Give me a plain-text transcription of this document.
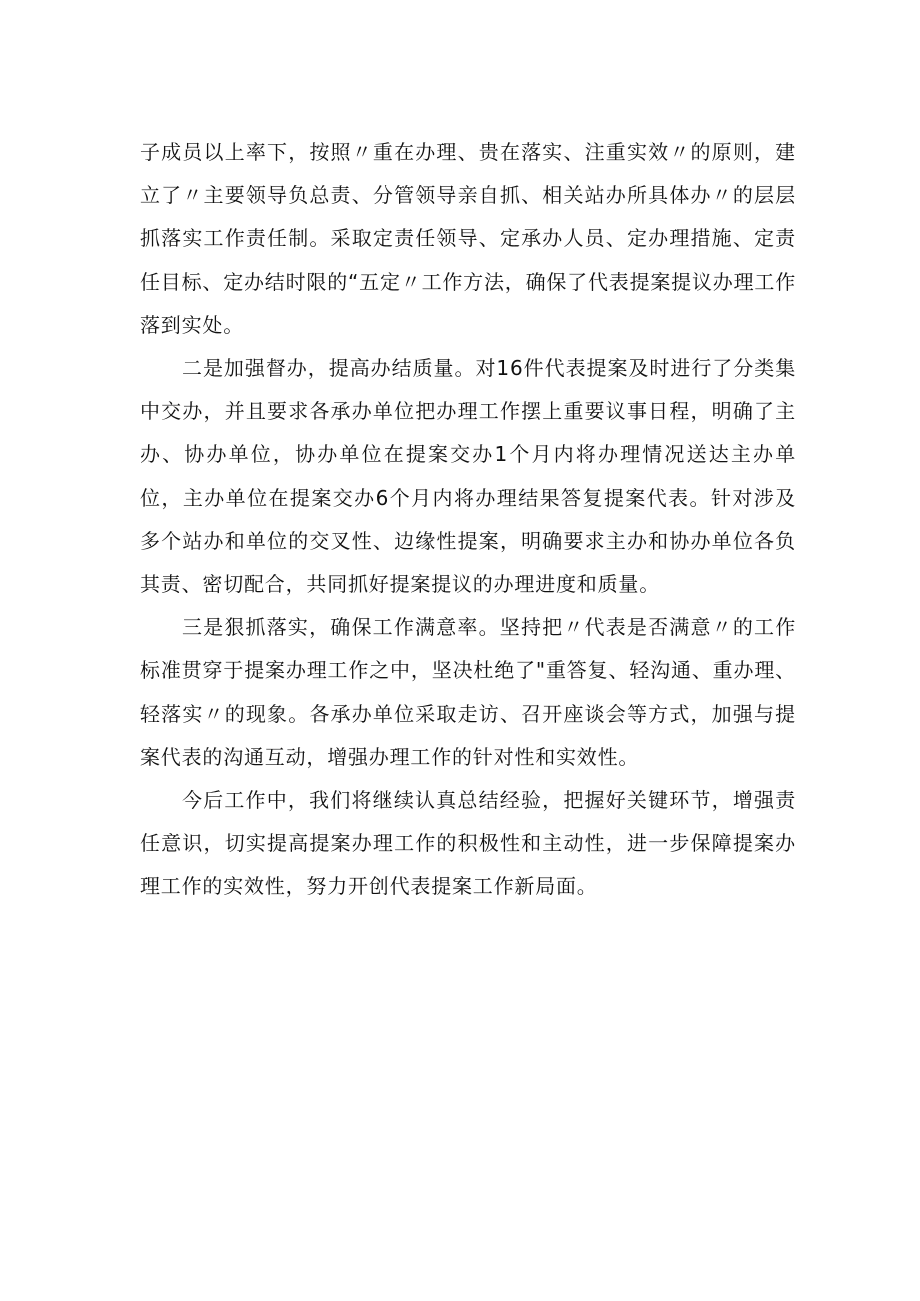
子成员以上率下，按照〃重在办理、贵在落实、注重实效〃的原则，建立了〃主要领导负总责、分管领导亲自抓、相关站办所具体办〃的层层抓落实工作责任制。采取定责任领导、定承办人员、定办理措施、定责任目标、定办结时限的“五定〃工作方法，确保了代表提案提议办理工作落到实处。

二是加强督办，提高办结质量。对16件代表提案及时进行了分类集中交办，并且要求各承办单位把办理工作摆上重要议事日程，明确了主办、协办单位，协办单位在提案交办1个月内将办理情况送达主办单位，主办单位在提案交办6个月内将办理结果答复提案代表。针对涉及多个站办和单位的交叉性、边缘性提案，明确要求主办和协办单位各负其责、密切配合，共同抓好提案提议的办理进度和质量。

三是狠抓落实，确保工作满意率。坚持把〃代表是否满意〃的工作标准贯穿于提案办理工作之中，坚决杜绝了"重答复、轻沟通、重办理、轻落实〃的现象。各承办单位采取走访、召开座谈会等方式，加强与提案代表的沟通互动，增强办理工作的针对性和实效性。

今后工作中，我们将继续认真总结经验，把握好关键环节，增强责任意识，切实提高提案办理工作的积极性和主动性，进一步保障提案办理工作的实效性，努力开创代表提案工作新局面。
